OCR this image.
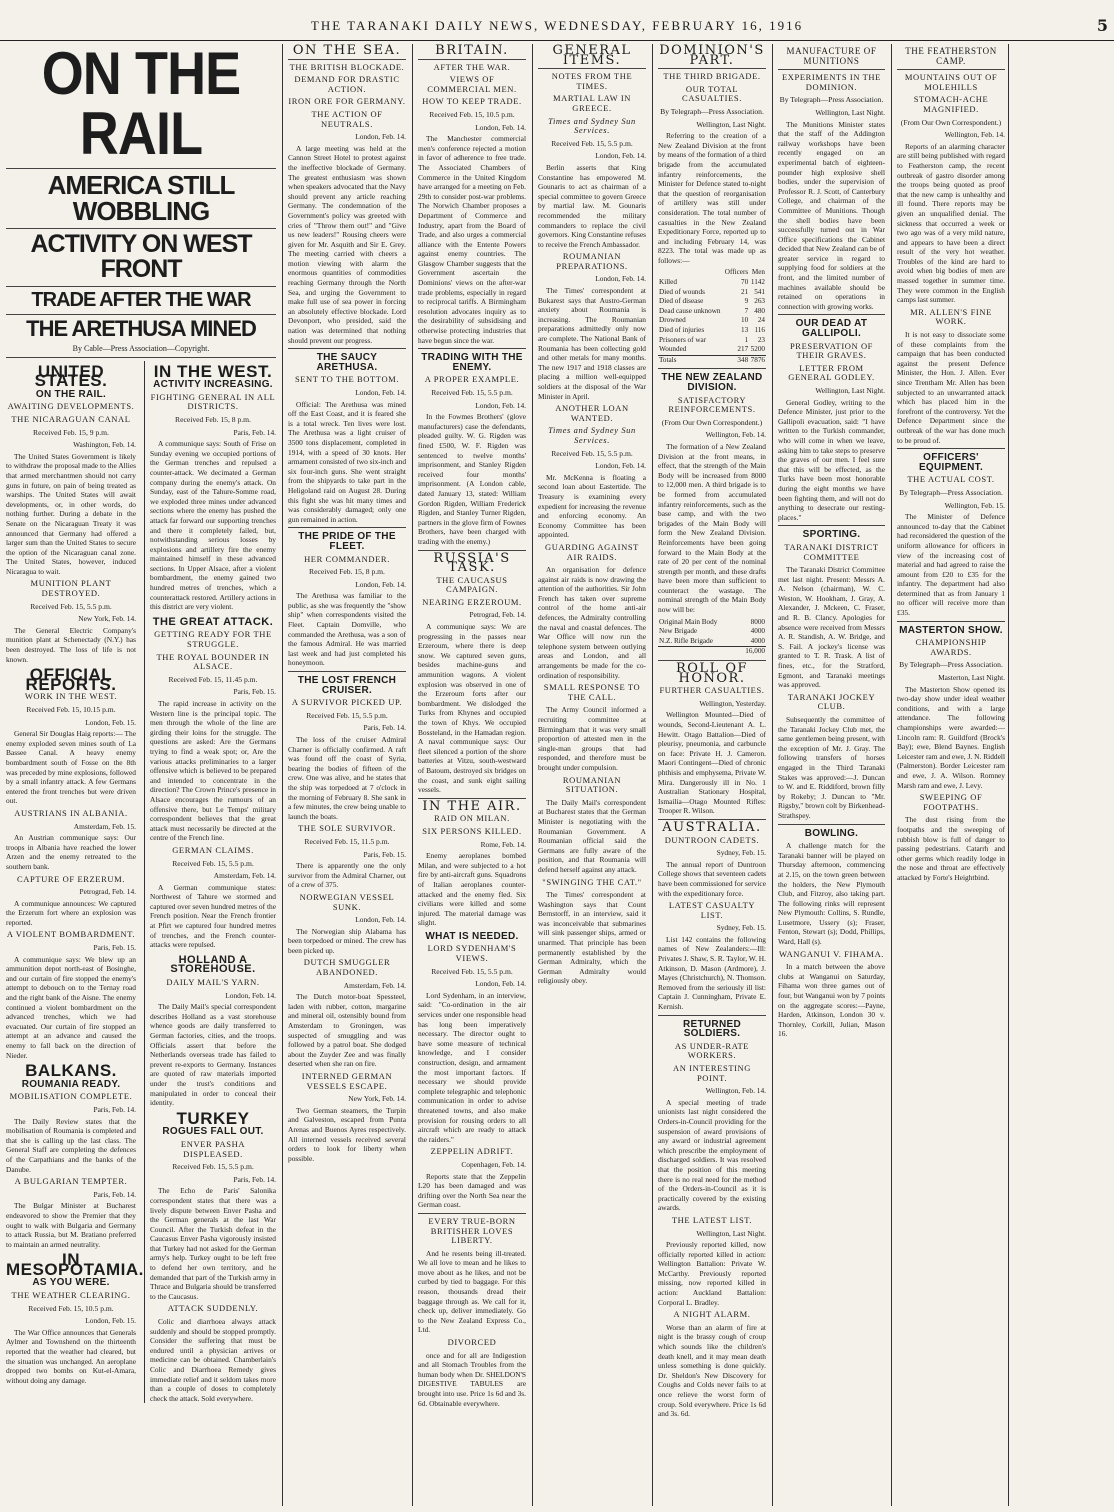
THE TARANAKI DAILY NEWS, WEDNESDAY, FEBRUARY 16, 1916	5
ON THE RAIL
AMERICA STILL WOBBLING
ACTIVITY ON WEST FRONT
TRADE AFTER THE WAR
THE ARETHUSA MINED
By Cable—Press Association—Copyright.
UNITED STATES.
ON THE RAIL.
AWAITING DEVELOPMENTS.
THE NICARAGUAN CANAL
Received Feb. 15, 9 p.m.
Washington, Feb. 14.

The United States Government is likely to withdraw the proposal made to the Allies that armed merchantmen should not carry guns in future, on pain of being treated as warships. The United States will await developments, or, in other words, do nothing further. During a debate in the Senate on the Nicaraguan Treaty it was announced that Germany had offered a larger sum than the United States to secure the option of the Nicaraguan canal zone. The United States, however, induced Nicaragua to wait.

MUNITION PLANT DESTROYED.
Received Feb. 15, 5.5 p.m.
New York, Feb. 14.

The General Electric Company's munition plant at Schenectady (N.Y.) has been destroyed. The loss of life is not known.

OFFICIAL REPORTS.
WORK IN THE WEST.
Received Feb. 15, 10.15 p.m.
London, Feb. 15.

General Sir Douglas Haig reports:— The enemy exploded seven mines south of La Bassee Canal. A heavy enemy bombardment south of Fosse on the 8th was preceded by mine explosions, followed by a small infantry attack. A few Germans entered the front trenches but were driven out.

AUSTRIANS IN ALBANIA.
Amsterdam, Feb. 15.

An Austrian communique says: Our troops in Albania have reached the lower Arzen and the enemy retreated to the southern bank.

CAPTURE OF ERZERUM.
Petrograd, Feb. 14.

A communique announces: We captured the Erzerum fort where an explosion was reported.

A VIOLENT BOMBARDMENT.
Paris, Feb. 15.

A communique says: We blew up an ammunition depot north-east of Bosinghe, and our curtain of fire stopped the enemy's attempt to debouch on to the Ternay road and the right bank of the Aisne. The enemy continued a violent bombardment on the advanced trenches, which we had evacuated. Our curtain of fire stopped an attempt at an advance and caused the enemy to fall back on the direction of Nieder.

BALKANS.
ROUMANIA READY.
MOBILISATION COMPLETE.
Paris, Feb. 14.

The Daily Review states that the mobilisation of Roumania is completed and that she is calling up the last class. The General Staff are completing the defences of the Carpathians and the banks of the Danube.

A BULGARIAN TEMPTER.
Paris, Feb. 14.

The Bulgar Minister at Bucharest endeavored to show the Premier that they ought to walk with Bulgaria and Germany to attack Russia, but M. Bratiano preferred to maintain an armed neutrality.

IN MESOPOTAMIA.
AS YOU WERE.
THE WEATHER CLEARING.
Received Feb. 15, 10.5 p.m.
London, Feb. 15.

The War Office announces that Generals Aylmer and Townshend on the thirteenth reported that the weather had cleared, but the situation was unchanged. An aeroplane dropped two bombs on Kut-el-Amara, without doing any damage.

IN THE WEST.
ACTIVITY INCREASING.
FIGHTING GENERAL IN ALL DISTRICTS.
Received Feb. 15, 8 p.m.
Paris, Feb. 14.

A communique says: South of Frise on Sunday evening we occupied portions of the German trenches and repulsed a counter-attack. We decimated a German company during the enemy's attack. On Sunday, east of the Tahure-Somme road, we exploded three mines under advanced sections where the enemy has pushed the attack far forward our supporting trenches and there it completely failed, but, notwithstanding serious losses by explosions and artillery fire the enemy maintained himself in these advanced sections. In Upper Alsace, after a violent bombardment, the enemy gained two hundred metres of trenches, which a counterattack restored. Artillery actions in this district are very violent.

THE GREAT ATTACK.
GETTING READY FOR THE STRUGGLE.
THE ROYAL BOUNDER IN ALSACE.
Received Feb. 15, 11.45 p.m.
Paris, Feb. 15.

The rapid increase in activity on the Western line is the principal topic. The men through the whole of the line are girding their loins for the struggle. The questions are asked: Are the Germans trying to find a weak spot; or, Are the various attacks preliminaries to a larger offensive which is believed to be prepared and intended to concentrate in the direction? The Crown Prince's presence in Alsace encourages the rumours of an offensive there, but Le Temps' military correspondent believes that the great attack must necessarily be directed at the centre of the French line.

GERMAN CLAIMS.
Received Feb. 15, 5.5 p.m.
Amsterdam, Feb. 14.

A German communique states: Northwest of Tahure we stormed and captured over seven hundred metres of the French position. Near the French frontier at Pfirt we captured four hundred metres of trenches, and the French counter-attacks were repulsed.

HOLLAND A STOREHOUSE.
DAILY MAIL'S YARN.
London, Feb. 14.

The Daily Mail's special correspondent describes Holland as a vast storehouse whence goods are daily transferred to German factories, cities, and the troops. Officials assert that before the Netherlands overseas trade has failed to prevent re-exports to Germany. Instances are quoted of raw materials imported under the trust's conditions and manipulated in order to conceal their identity.

TURKEY
ROGUES FALL OUT.
ENVER PASHA DISPLEASED.
Received Feb. 15, 5.5 p.m.
Paris, Feb. 14.

The Echo de Paris' Salonika correspondent states that there was a lively dispute between Enver Pasha and the German generals at the last War Council. After the Turkish defeat in the Caucasus Enver Pasha vigorously insisted that Turkey had not asked for the German army's help. Turkey ought to be left free to defend her own territory, and he demanded that part of the Turkish army in Thrace and Bulgaria should be transferred to the Caucasus.

ATTACK SUDDENLY.

Colic and diarrhoea always attack suddenly and should be stopped promptly. Consider the suffering that must be endured until a physician arrives or medicine can be obtained. Chamberlain's Colic and Diarrhoea Remedy gives immediate relief and it seldom takes more than a couple of doses to completely check the attack. Sold everywhere.

ON THE SEA.
THE BRITISH BLOCKADE.
DEMAND FOR DRASTIC ACTION.
IRON ORE FOR GERMANY.
THE ACTION OF NEUTRALS.
London, Feb. 14.

A large meeting was held at the Cannon Street Hotel to protest against the ineffective blockade of Germany. The greatest enthusiasm was shown when speakers advocated that the Navy should prevent any article reaching Germany. The condemnation of the Government's policy was greeted with cries of "Throw them out!" and "Give us new leaders!" Rousing cheers were given for Mr. Asquith and Sir E. Grey. The meeting carried with cheers a motion viewing with alarm the enormous quantities of commodities reaching Germany through the North Sea, and urging the Government to make full use of sea power in forcing an absolutely effective blockade. Lord Devonport, who presided, said the nation was determined that nothing should prevent our progress.

THE SAUCY ARETHUSA.
SENT TO THE BOTTOM.
London, Feb. 14.

Official: The Arethusa was mined off the East Coast, and it is feared she is a total wreck. Ten lives were lost. The Arethusa was a light cruiser of 3500 tons displacement, completed in 1914, with a speed of 30 knots. Her armament consisted of two six-inch and six four-inch guns. She went straight from the shipyards to take part in the Heligoland raid on August 28. During this fight she was hit many times and was considerably damaged; only one gun remained in action.

THE PRIDE OF THE FLEET.
HER COMMANDER.
Received Feb. 15, 8 p.m.
London, Feb. 14.

The Arethusa was familiar to the public, as she was frequently the "show ship" when correspondents visited the Fleet. Captain Domville, who commanded the Arethusa, was a son of the famous Admiral. He was married last week and had just completed his honeymoon.

THE LOST FRENCH CRUISER.
A SURVIVOR PICKED UP.
Received Feb. 15, 5.5 p.m.
Paris, Feb. 14.

The loss of the cruiser Admiral Charner is officially confirmed. A raft was found off the coast of Syria, bearing the bodies of fifteen of the crew. One was alive, and he states that the ship was torpedoed at 7 o'clock in the morning of February 8. She sank in a few minutes, the crew being unable to launch the boats.

THE SOLE SURVIVOR.
Received Feb. 15, 11.5 p.m.
Paris, Feb. 15.

There is apparently one the only survivor from the Admiral Charner, out of a crew of 375.

NORWEGIAN VESSEL SUNK.
London, Feb. 14.

The Norwegian ship Alabama has been torpedoed or mined. The crew has been picked up.

DUTCH SMUGGLER ABANDONED.
Amsterdam, Feb. 14.

The Dutch motor-boat Spessteel, laden with rubber, cotton, margarine and mineral oil, ostensibly bound from Amsterdam to Groningen, was suspected of smuggling and was followed by a patrol boat. She dodged about the Zuyder Zee and was finally deserted when she ran on fire.

INTERNED GERMAN VESSELS ESCAPE.
New York, Feb. 14.

Two German steamers, the Turpin and Galveston, escaped from Punta Arenas and Buenos Ayres respectively. All interned vessels received several orders to look for liberty when possible.

BRITAIN.
AFTER THE WAR.
VIEWS OF COMMERCIAL MEN.
HOW TO KEEP TRADE.
Received Feb. 15, 10.5 p.m.
London, Feb. 14.

The Manchester commercial men's conference rejected a motion in favor of adherence to free trade. The Associated Chambers of Commerce in the United Kingdom have arranged for a meeting on Feb. 29th to consider post-war problems. The Norwich Chamber proposes a Department of Commerce and Industry, apart from the Board of Trade, and also urges a commercial alliance with the Entente Powers against enemy countries. The Glasgow Chamber suggests that the Government ascertain the Dominions' views on the after-war trade problems, especially in regard to reciprocal tariffs. A Birmingham resolution advocates inquiry as to the desirability of subsidising and otherwise protecting industries that have begun since the war.

TRADING WITH THE ENEMY.
A PROPER EXAMPLE.
Received Feb. 15, 5.5 p.m.
London, Feb. 14.

In the Fowmes Brothers' (glove manufacturers) case the defendants, pleaded guilty. W. G. Rigden was fined £500, W. F. Rigden was sentenced to twelve months' imprisonment, and Stanley Rigden received four months' imprisonment. (A London cable, dated January 13, stated: William Gordon Rigden, William Frederick Rigden, and Stanley Turner Rigden, partners in the glove firm of Fownes Brothers, have been charged with trading with the enemy.)

RUSSIA'S TASK.
THE CAUCASUS CAMPAIGN.
NEARING ERZEROUM.
Petrograd, Feb. 14.

A communique says: We are progressing in the passes near Erzeroum, where there is deep snow. We captured seven guns, besides machine-guns and ammunition wagons. A violent explosion was observed in one of the Erzeroum forts after our bombardment. We dislodged the Turks from Khynes and occupied the town of Khys. We occupied Bossteland, in the Hamadan region. A naval communique says: Our fleet silenced a portion of the shore batteries at Vitzu, south-westward of Batoum, destroyed six bridges on the coast, and sunk eight sailing vessels.

IN THE AIR.
RAID ON MILAN.
SIX PERSONS KILLED.
Rome, Feb. 14.

Enemy aeroplanes bombed Milan, and were subjected to a hot fire by anti-aircraft guns. Squadrons of Italian aeroplanes counter-attacked and the enemy fled. Six civilians were killed and some injured. The material damage was slight.

WHAT IS NEEDED.
LORD SYDENHAM'S VIEWS.
Received Feb. 15, 5.5 p.m.
London, Feb. 14.

Lord Sydenham, in an interview, said: "Co-ordination in the air services under one responsible head has long been imperatively necessary. The director ought to have some measure of technical knowledge, and I consider construction, design, and armament the most important factors. If necessary we should provide complete telegraphic and telephonic communication in order to advise threatened towns, and also make provision for rousing orders to all aircraft which are ready to attack the raiders."

ZEPPELIN ADRIFT.
Copenhagen, Feb. 14.

Reports state that the Zeppelin L20 has been damaged and was drifting over the North Sea near the German coast.

EVERY TRUE-BORN BRITISHER LOVES LIBERTY.

And he resents being ill-treated. We all love to mean and he likes to move about as he likes, and not be curbed by tied to baggage. For this reason, thousands dread their baggage through as. We call for it, check up, deliver immediately. Go to the New Zealand Express Co., Ltd.

DIVORCED

once and for all are Indigestion and all Stomach Troubles from the human body when Dr. SHELDON'S DIGESTIVE TABULES are brought into use. Price 1s 6d and 3s. 6d. Obtainable everywhere.

GENERAL ITEMS.
NOTES FROM THE TIMES.
MARTIAL LAW IN GREECE.
Times and Sydney Sun Services.
Received Feb. 15, 5.5 p.m.
London, Feb. 14.

Berlin asserts that King Constantine has empowered M. Gounaris to act as chairman of a special committee to govern Greece by martial law. M. Gounaris recommended the military commanders to replace the civil governors. King Constantine refuses to receive the French Ambassador.

ROUMANIAN PREPARATIONS.
London, Feb. 14.

The Times' correspondent at Bukarest says that Austro-German anxiety about Roumania is increasing. The Roumanian preparations admittedly only now are complete. The National Bank of Roumania has been collecting gold and other metals for many months. The new 1917 and 1918 classes are placing a million well-equipped soldiers at the disposal of the War Minister in April.

ANOTHER LOAN WANTED.
Times and Sydney Sun Services.
Received Feb. 15, 5.5 p.m.
London, Feb. 14.

Mr. McKenna is floating a second loan about Eastertide. The Treasury is examining every expedient for increasing the revenue and enforcing economy. An Economy Committee has been appointed.

GUARDING AGAINST AIR RAIDS.

An organisation for defence against air raids is now drawing the attention of the authorities. Sir John French has taken over supreme control of the home anti-air defences, the Admiralty controlling the naval and coastal defences. The War Office will now run the telephone system between outlying areas and London, and all arrangements be made for the co-ordination of responsibility.

SMALL RESPONSE TO THE CALL.

The Army Council informed a recruiting committee at Birmingham that it was very small proportion of attested men in the single-man groups that had responded, and therefore must be brought under compulsion.

ROUMANIAN SITUATION.

The Daily Mail's correspondent at Bucharest states that the German Minister is negotiating with the Roumanian Government. A Roumanian official said the Germans are fully aware of the position, and that Roumania will defend herself against any attack.

"SWINGING THE CAT."

The Times' correspondent at Washington says that Count Bernstorff, in an interview, said it was inconceivable that submarines will sink passenger ships, armed or unarmed. That principle has been permanently established by the German Admiralty, which the German Admiralty would religiously obey.

DOMINION'S PART.
THE THIRD BRIGADE.
OUR TOTAL CASUALTIES.
By Telegraph—Press Association.
Wellington, Last Night.

Referring to the creation of a New Zealand Division at the front by means of the formation of a third brigade from the accumulated infantry reinforcements, the Minister for Defence stated to-night that the question of reorganisation of artillery was still under consideration. The total number of casualties in the New Zealand Expeditionary Force, reported up to and including February 14, was 8223. The total was made up as follows:—

	Officers	Men
Killed	70	1142
Died of wounds	21	541
Died of disease	9	263
Dead cause unknown	7	480
Drowned	10	24
Died of injuries	13	116
Prisoners of war	1	23
Wounded	217	5200
Totals	348	7876
THE NEW ZEALAND DIVISION.
SATISFACTORY REINFORCEMENTS.
(From Our Own Correspondent.)
Wellington, Feb. 14.

The formation of a New Zealand Division at the front means, in effect, that the strength of the Main Body will be increased from 8000 to 12,000 men. A third brigade is to be formed from accumulated infantry reinforcements, such as the base camp, and with the two brigades of the Main Body will form the New Zealand Division. Reinforcements have been going forward to the Main Body at the rate of 20 per cent of the nominal strength per month, and these drafts have been more than sufficient to counteract the wastage. The nominal strength of the Main Body now will be:

Original Main Body	8000
New Brigade	4000
N.Z. Rifle Brigade	4000
	16,000
ROLL OF HONOR.
FURTHER CASUALTIES.
Wellington, Yesterday.

Wellington Mounted—Died of wounds, Second-Lieutenant A. L. Hewitt. Otago Battalion—Died of pleurisy, pneumonia, and carbuncle on face: Private H. J. Cameron. Maori Contingent—Died of chronic phthisis and emphysema, Private W. Mira. Dangerously ill in No. 1 Australian Stationary Hospital, Ismailia—Otago Mounted Rifles: Trooper R. Wilson.

AUSTRALIA.
DUNTROON CADETS.
Sydney, Feb. 15.

The annual report of Duntroon College shows that seventeen cadets have been commissioned for service with the expeditionary force.

LATEST CASUALTY LIST.
Sydney, Feb. 15.

List 142 contains the following names of New Zealanders:—Ill: Privates J. Shaw, S. R. Taylor, W. H. Atkinson, D. Mason (Ardmore), J. Mayes (Christchurch), N. Thomson. Removed from the seriously ill list: Captain J. Cunningham, Private E. Kernish.

RETURNED SOLDIERS.
AS UNDER-RATE WORKERS.
AN INTERESTING POINT.
Wellington, Feb. 14.

A special meeting of trade unionists last night considered the Orders-in-Council providing for the suspension of award provisions of any award or industrial agreement which prescribe the employment of discharged soldiers. It was resolved that the position of this meeting there is no real need for the method of the Orders-in-Council as it is practically covered by the existing awards.

THE LATEST LIST.
Wellington, Last Night.

Previously reported killed, now officially reported killed in action: Wellington Battalion: Private W. McCarthy. Previously reported missing, now reported killed in action: Auckland Battalion: Corporal L. Bradley.

A NIGHT ALARM.

Worse than an alarm of fire at night is the brassy cough of croup which sounds like the children's death knell, and it may mean death unless something is done quickly. Dr. Sheldon's New Discovery for Coughs and Colds never fails to at once relieve the worst form of croup. Sold everywhere. Price 1s 6d and 3s. 6d.

MANUFACTURE OF MUNITIONS
EXPERIMENTS IN THE DOMINION.
By Telegraph—Press Association.
Wellington, Last Night.

The Munitions Minister states that the staff of the Addington railway workshops have been recently engaged on an experimental batch of eighteen-pounder high explosive shell bodies, under the supervision of Professor R. J. Scott, of Canterbury College, and chairman of the Committee of Munitions. Though the shell bodies have been successfully turned out in War Office specifications the Cabinet decided that New Zealand can be of greater service in regard to supplying food for soldiers at the front, and the limited number of machines available should be retained on operations in connection with growing works.

OUR DEAD AT GALLIPOLI.
PRESERVATION OF THEIR GRAVES.
LETTER FROM GENERAL GODLEY.
Wellington, Last Night.

General Godley, writing to the Defence Minister, just prior to the Gallipoli evacuation, said: "I have written to the Turkish commander, who will come in when we leave, asking him to take steps to preserve the graves of our men. I feel sure that this will be effected, as the Turks have been most honorable during the eight months we have been fighting them, and will not do anything to desecrate our resting-places."

SPORTING.
TARANAKI DISTRICT COMMITTEE

The Taranaki District Committee met last night. Present: Messrs A. A. Nelson (chairman), W. C. Weston, W. Hookham, J. Gray, A. Alexander, J. Mckeen, C. Fraser, and R. B. Clancy. Apologies for absence were received from Messrs A. R. Standish, A. W. Bridge, and S. Fail. A jockey's license was granted to T. R. Trask. A list of fines, etc., for the Stratford, Egmont, and Taranaki meetings was approved.

TARANAKI JOCKEY CLUB.

Subsequently the committee of the Taranaki Jockey Club met, the same gentlemen being present, with the exception of Mr. J. Gray. The following transfers of horses engaged in the Third Taranaki Stakes was approved:—J. Duncan to W. and E. Riddiford, brown filly by Rokeby; J. Duncan to "Mr. Rigsby," brown colt by Birkenhead-Strathspey.

BOWLING.

A challenge match for the Taranaki banner will be played on Thursday afternoon, commencing at 2.15, on the town green between the holders, the New Plymouth Club, and Fitzroy, also taking part. The following rinks will represent New Plymouth: Collins, S. Rundle, Lusetmore, Ussery (s); Fraser, Fenton, Stewart (s); Dodd, Phillips, Ward, Hall (s).

WANGANUI V. FIHAMA.

In a match between the above clubs at Wanganui on Saturday, Fihama won three games out of four, but Wanganui won by 7 points on the aggregate scores:—Payne, Harden, Atkinson, London 30 v. Thornley, Corkill, Julian, Mason 16.

THE FEATHERSTON CAMP.
MOUNTAINS OUT OF MOLEHILLS
STOMACH-ACHE MAGNIFIED.
(From Our Own Correspondent.)
Wellington, Feb. 14.

Reports of an alarming character are still being published with regard to Featherston camp, the recent outbreak of gastro disorder among the troops being quoted as proof that the new camp is unhealthy and ill found. There reports may be given an unqualified denial. The sickness that occurred a week or two ago was of a very mild nature, and appears to have been a direct result of the very hot weather. Troubles of the kind are hard to avoid when big bodies of men are massed together in summer time. They were common in the English camps last summer.

MR. ALLEN'S FINE WORK.

It is not easy to dissociate some of these complaints from the campaign that has been conducted against the present Defence Minister, the Hon. J. Allen. Ever since Trentham Mr. Allen has been subjected to an unwarranted attack which has placed him in the forefront of the controversy. Yet the Defence Department since the outbreak of the war has done much to be proud of.

OFFICERS' EQUIPMENT.
THE ACTUAL COST.
By Telegraph—Press Association.
Wellington, Feb. 15.

The Minister of Defence announced to-day that the Cabinet had reconsidered the question of the uniform allowance for officers in view of the increasing cost of material and had agreed to raise the amount from £20 to £35 for the infantry. The department had also determined that as from January 1 no officer will receive more than £35.

MASTERTON SHOW.
CHAMPIONSHIP AWARDS.
By Telegraph—Press Association.
Masterton, Last Night.

The Masterton Show opened its two-day show under ideal weather conditions, and with a large attendance. The following championships were awarded:—Lincoln ram: R. Guildford (Brock's Bay); ewe, Blend Baynes. English Leicester ram and ewe, J. N. Riddell (Palmerston). Border Leicester ram and ewe, J. A. Wilson. Romney Marsh ram and ewe, J. Levy.

SWEEPING OF FOOTPATHS.

The dust rising from the footpaths and the sweeping of rubbish blow is full of danger to passing pedestrians. Catarrh and other germs which readily lodge in the nose and throat are effectively attacked by Forte's Heightbind.
